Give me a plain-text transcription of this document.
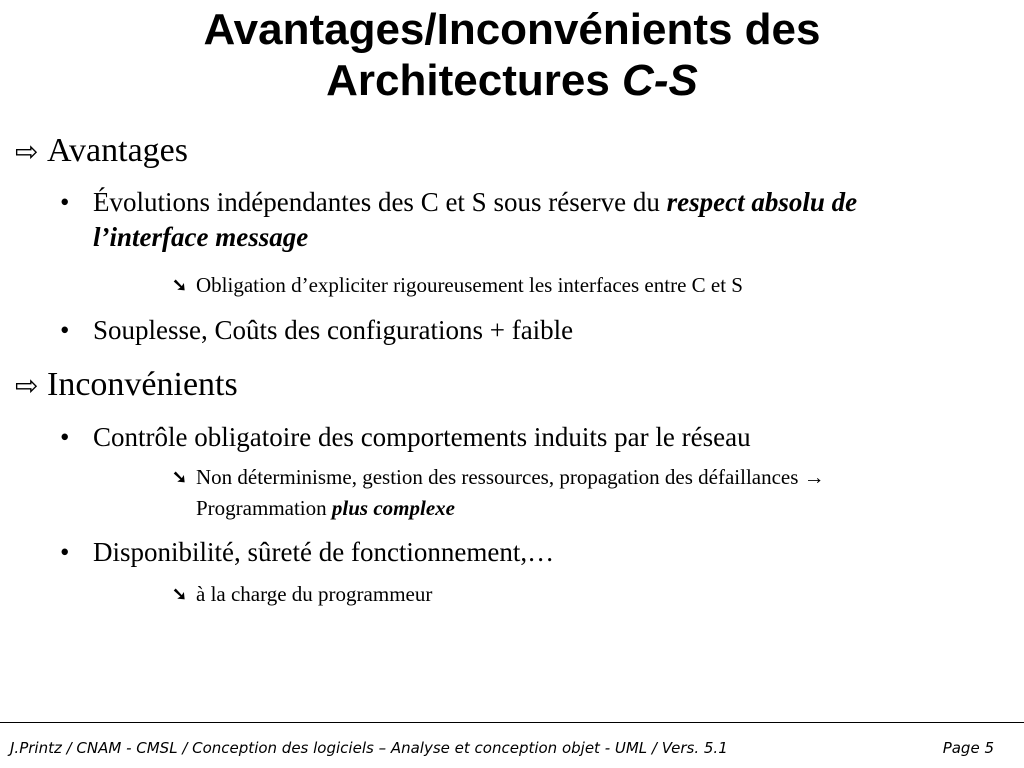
Avantages/Inconvénients des
Architectures C-S
⇨ Avantages
• Évolutions indépendantes des C et S sous réserve du respect absolu de l’interface message
➘ Obligation d’expliciter rigoureusement les interfaces entre C et S
• Souplesse, Coûts des configurations + faible
⇨ Inconvénients
• Contrôle obligatoire des comportements induits par le réseau
➘ Non déterminisme, gestion des ressources, propagation des défaillances →
Programmation plus complexe
• Disponibilité, sûreté de fonctionnement,…
➘ à la charge du programmeur
J.Printz / CNAM - CMSL / Conception des logiciels – Analyse et conception objet - UML / Vers. 5.1	Page 5
